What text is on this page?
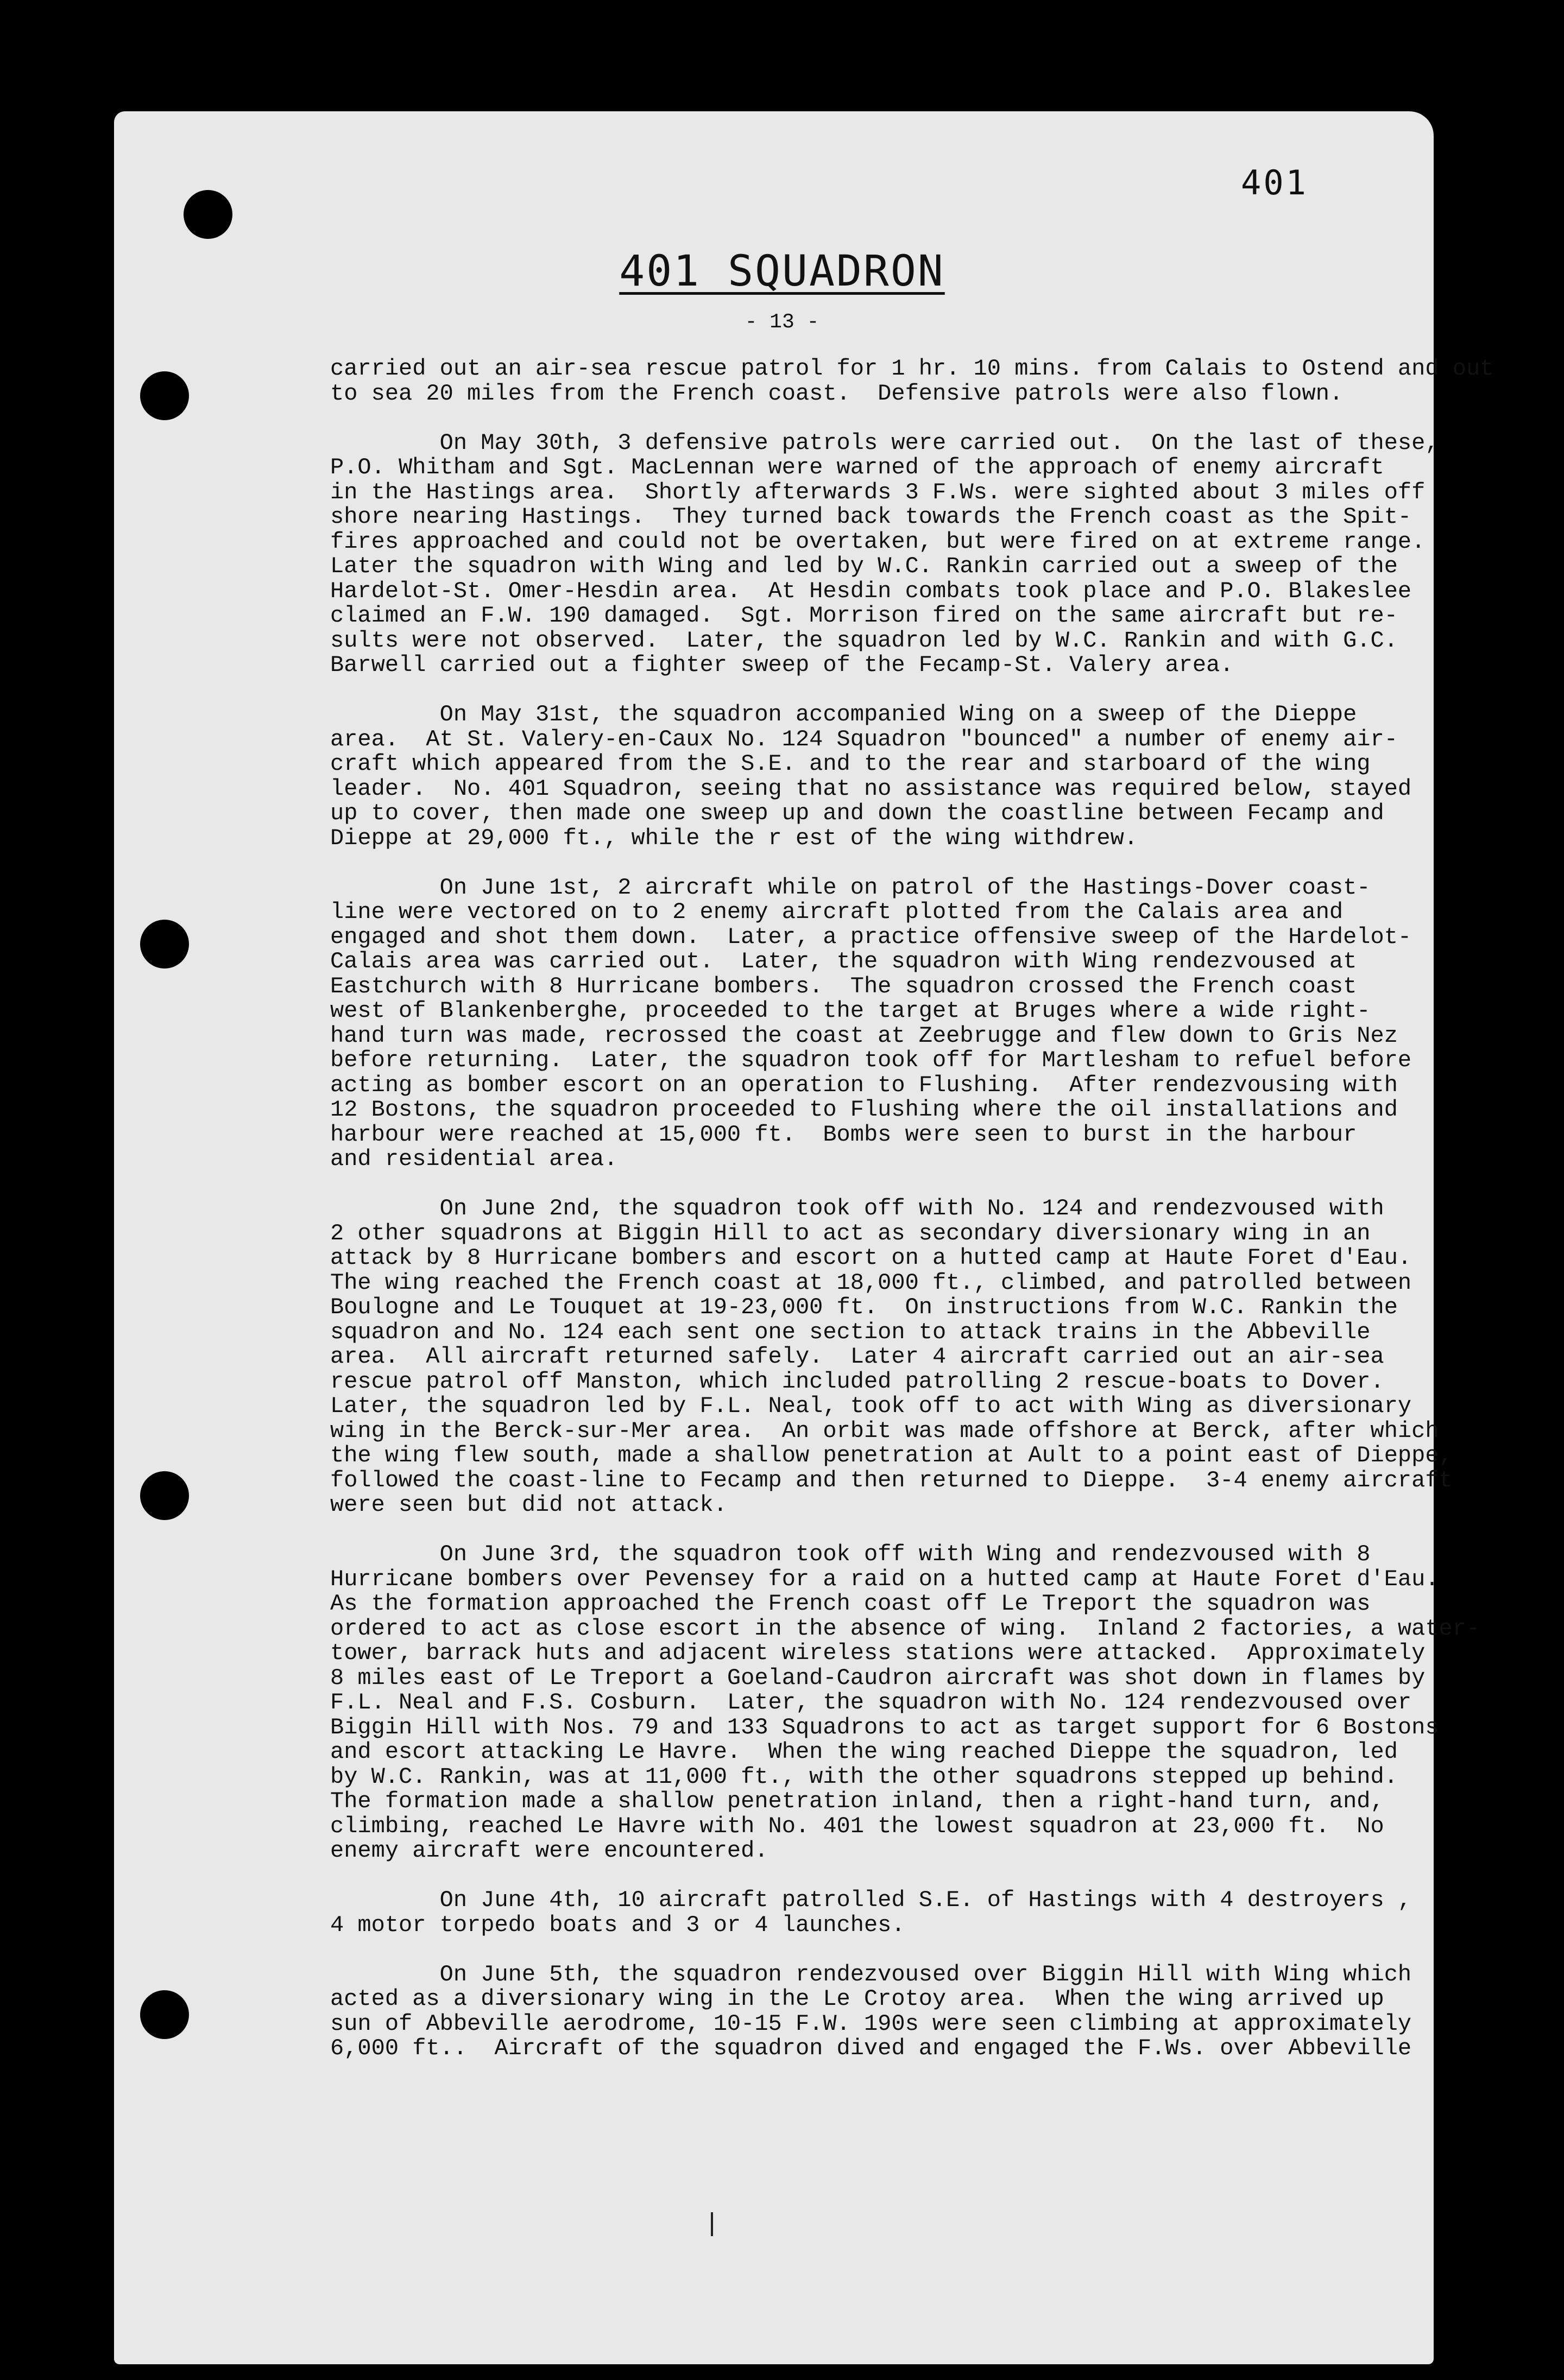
401
401 SQUADRON
- 13 -
carried out an air-sea rescue patrol for 1 hr. 10 mins. from Calais to Ostend and out
to sea 20 miles from the French coast.  Defensive patrols were also flown.
On May 30th, 3 defensive patrols were carried out.  On the last of these,
P.O. Whitham and Sgt. MacLennan were warned of the approach of enemy aircraft
in the Hastings area.  Shortly afterwards 3 F.Ws. were sighted about 3 miles off
shore nearing Hastings.  They turned back towards the French coast as the Spit-
fires approached and could not be overtaken, but were fired on at extreme range.
Later the squadron with Wing and led by W.C. Rankin carried out a sweep of the
Hardelot-St. Omer-Hesdin area.  At Hesdin combats took place and P.O. Blakeslee
claimed an F.W. 190 damaged.  Sgt. Morrison fired on the same aircraft but re-
sults were not observed.  Later, the squadron led by W.C. Rankin and with G.C.
Barwell carried out a fighter sweep of the Fecamp-St. Valery area.
On May 31st, the squadron accompanied Wing on a sweep of the Dieppe
area.  At St. Valery-en-Caux No. 124 Squadron "bounced" a number of enemy air-
craft which appeared from the S.E. and to the rear and starboard of the wing
leader.  No. 401 Squadron, seeing that no assistance was required below, stayed
up to cover, then made one sweep up and down the coastline between Fecamp and
Dieppe at 29,000 ft., while the r est of the wing withdrew.
On June 1st, 2 aircraft while on patrol of the Hastings-Dover coast-
line were vectored on to 2 enemy aircraft plotted from the Calais area and
engaged and shot them down.  Later, a practice offensive sweep of the Hardelot-
Calais area was carried out.  Later, the squadron with Wing rendezvoused at
Eastchurch with 8 Hurricane bombers.  The squadron crossed the French coast
west of Blankenberghe, proceeded to the target at Bruges where a wide right-
hand turn was made, recrossed the coast at Zeebrugge and flew down to Gris Nez
before returning.  Later, the squadron took off for Martlesham to refuel before
acting as bomber escort on an operation to Flushing.  After rendezvousing with
12 Bostons, the squadron proceeded to Flushing where the oil installations and
harbour were reached at 15,000 ft.  Bombs were seen to burst in the harbour
and residential area.
On June 2nd, the squadron took off with No. 124 and rendezvoused with
2 other squadrons at Biggin Hill to act as secondary diversionary wing in an
attack by 8 Hurricane bombers and escort on a hutted camp at Haute Foret d'Eau.
The wing reached the French coast at 18,000 ft., climbed, and patrolled between
Boulogne and Le Touquet at 19-23,000 ft.  On instructions from W.C. Rankin the
squadron and No. 124 each sent one section to attack trains in the Abbeville
area.  All aircraft returned safely.  Later 4 aircraft carried out an air-sea
rescue patrol off Manston, which included patrolling 2 rescue-boats to Dover.
Later, the squadron led by F.L. Neal, took off to act with Wing as diversionary
wing in the Berck-sur-Mer area.  An orbit was made offshore at Berck, after which
the wing flew south, made a shallow penetration at Ault to a point east of Dieppe,
followed the coast-line to Fecamp and then returned to Dieppe.  3-4 enemy aircraft
were seen but did not attack.
On June 3rd, the squadron took off with Wing and rendezvoused with 8
Hurricane bombers over Pevensey for a raid on a hutted camp at Haute Foret d'Eau.
As the formation approached the French coast off Le Treport the squadron was
ordered to act as close escort in the absence of wing.  Inland 2 factories, a water-
tower, barrack huts and adjacent wireless stations were attacked.  Approximately
8 miles east of Le Treport a Goeland-Caudron aircraft was shot down in flames by
F.L. Neal and F.S. Cosburn.  Later, the squadron with No. 124 rendezvoused over
Biggin Hill with Nos. 79 and 133 Squadrons to act as target support for 6 Bostons
and escort attacking Le Havre.  When the wing reached Dieppe the squadron, led
by W.C. Rankin, was at 11,000 ft., with the other squadrons stepped up behind.
The formation made a shallow penetration inland, then a right-hand turn, and,
climbing, reached Le Havre with No. 401 the lowest squadron at 23,000 ft.  No
enemy aircraft were encountered.
On June 4th, 10 aircraft patrolled S.E. of Hastings with 4 destroyers ,
4 motor torpedo boats and 3 or 4 launches.
On June 5th, the squadron rendezvoused over Biggin Hill with Wing which
acted as a diversionary wing in the Le Crotoy area.  When the wing arrived up
sun of Abbeville aerodrome, 10-15 F.W. 190s were seen climbing at approximately
6,000 ft..  Aircraft of the squadron dived and engaged the F.Ws. over Abbeville
